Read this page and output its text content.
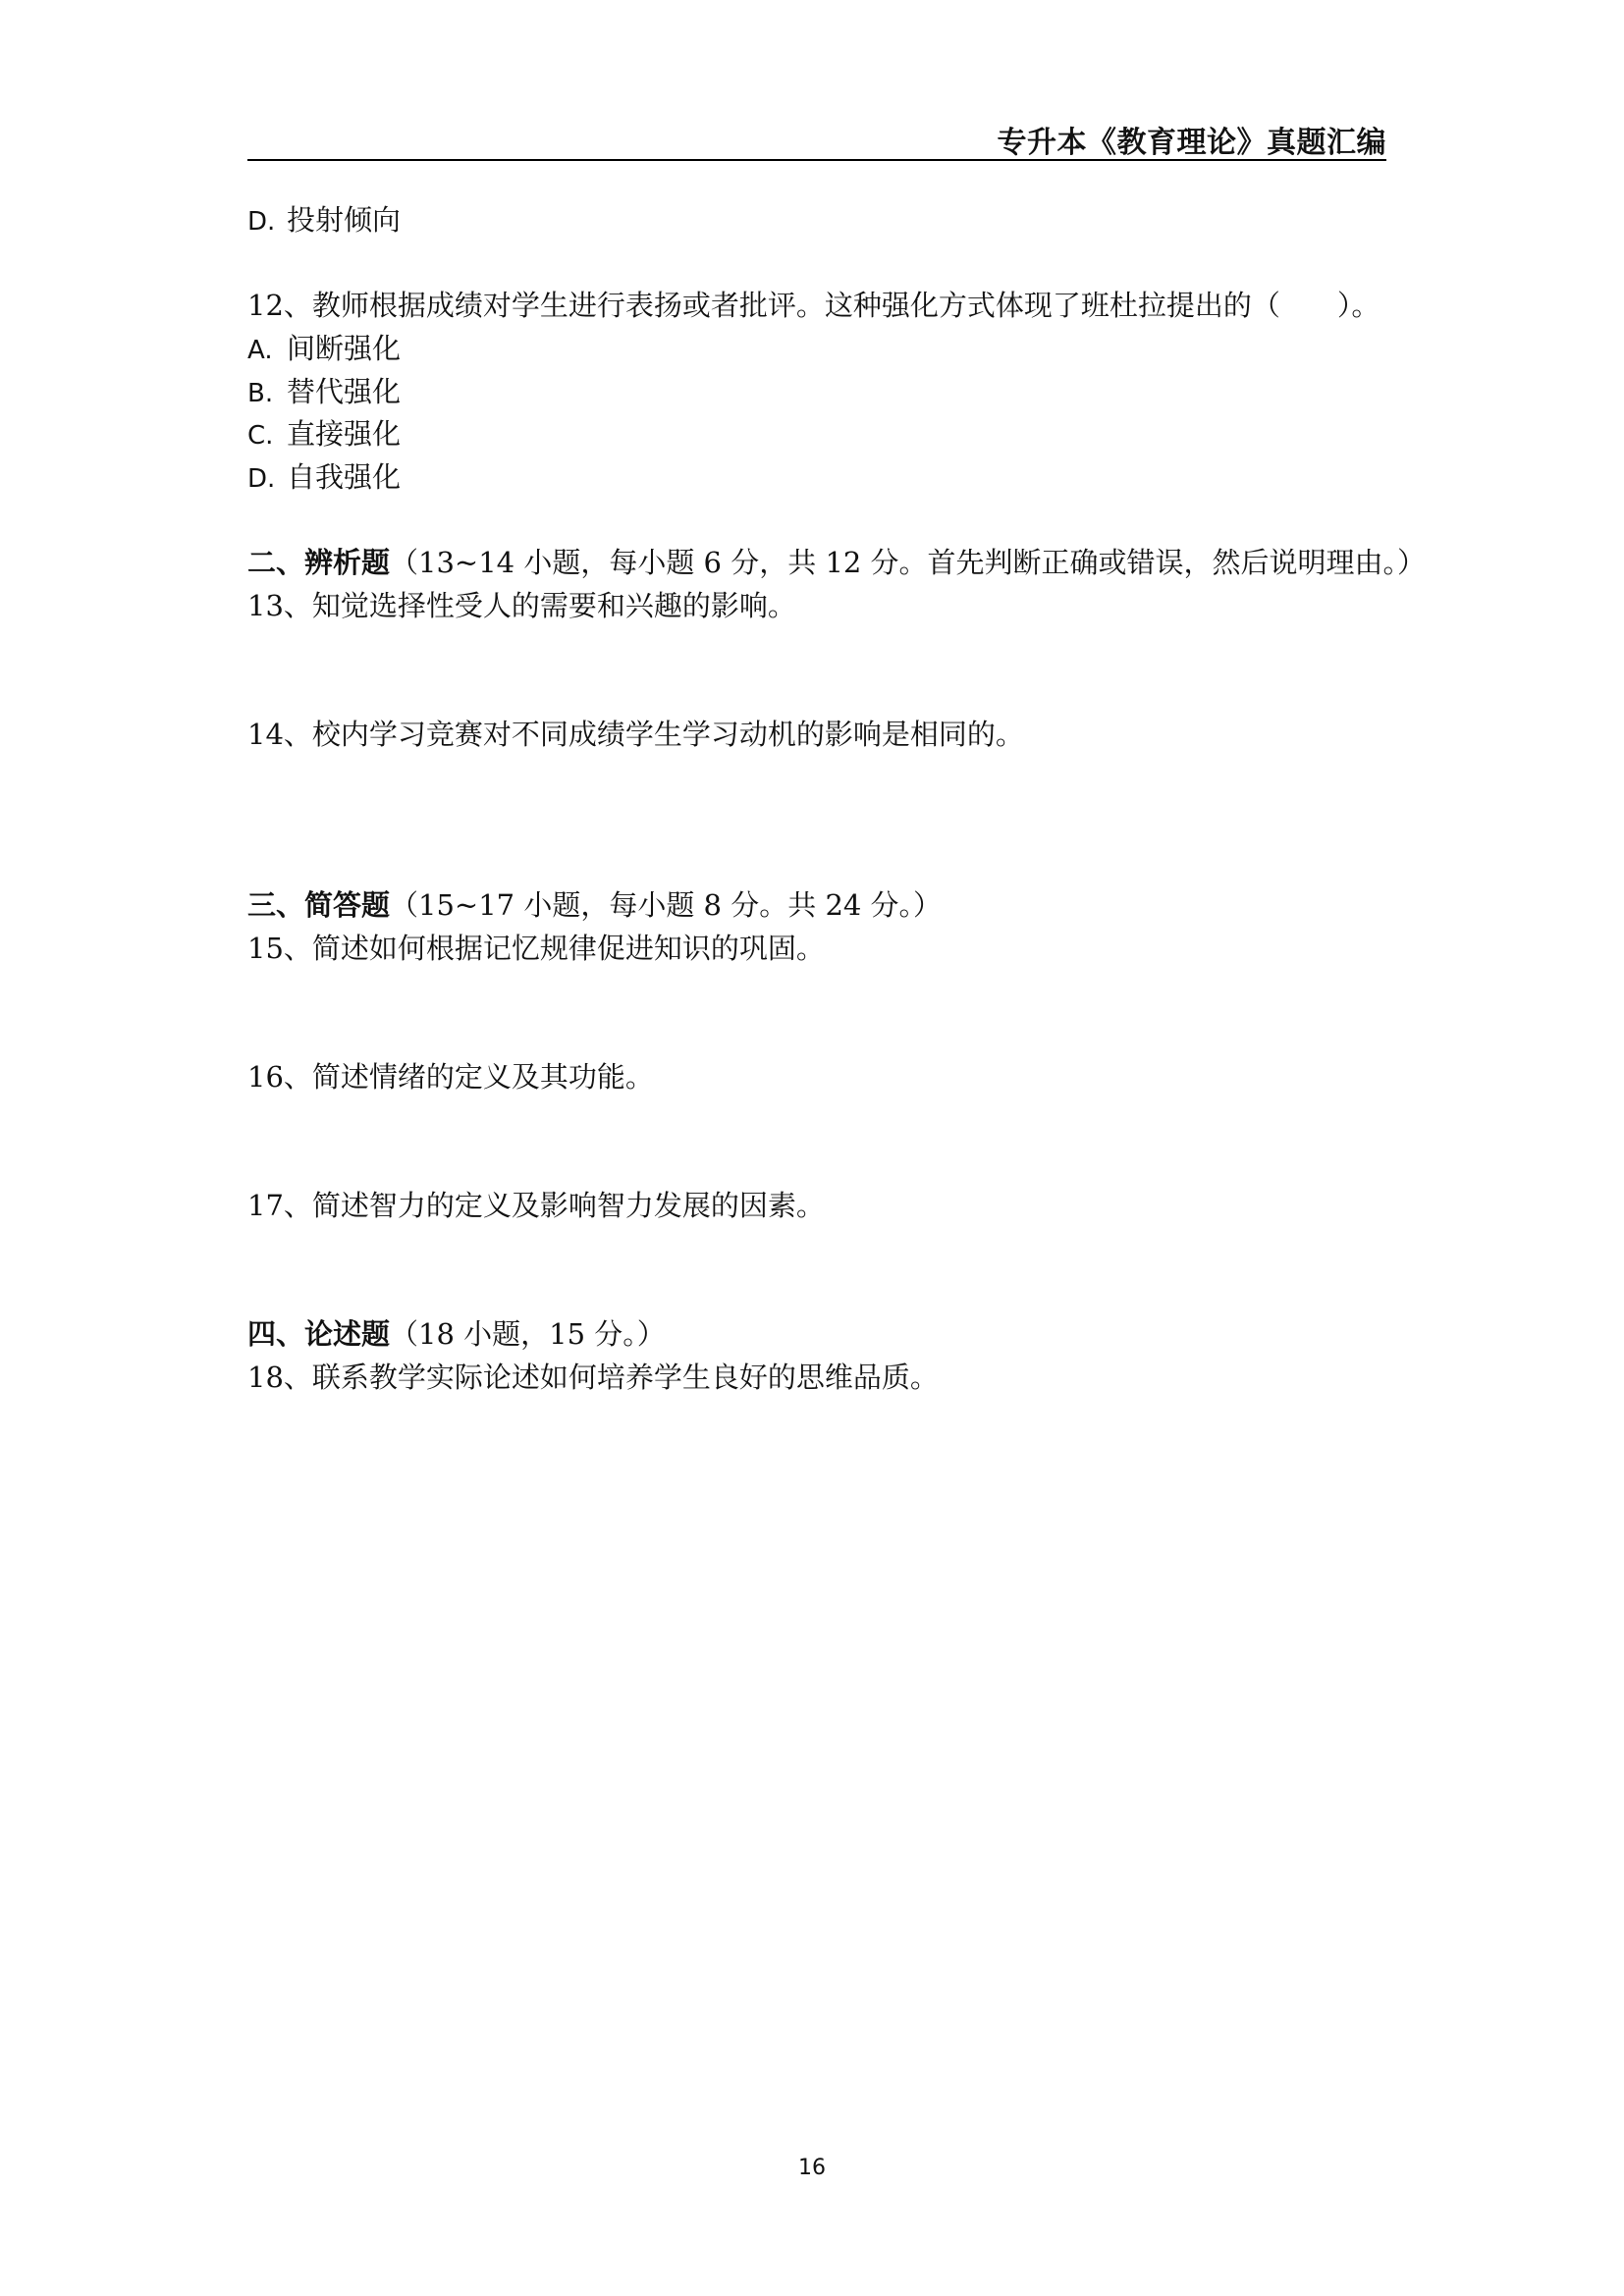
专升本《教育理论》真题汇编
D. 投射倾向
12、教师根据成绩对学生进行表扬或者批评。这种强化方式体现了班杜拉提出的（　　）。
A. 间断强化
B. 替代强化
C. 直接强化
D. 自我强化
二、辨析题（13~14 小题，每小题 6 分，共 12 分。首先判断正确或错误，然后说明理由。）
13、知觉选择性受人的需要和兴趣的影响。
14、校内学习竞赛对不同成绩学生学习动机的影响是相同的。
三、简答题（15~17 小题，每小题 8 分。共 24 分。）
15、简述如何根据记忆规律促进知识的巩固。
16、简述情绪的定义及其功能。
17、简述智力的定义及影响智力发展的因素。
四、论述题（18 小题，15 分。）
18、联系教学实际论述如何培养学生良好的思维品质。
16
